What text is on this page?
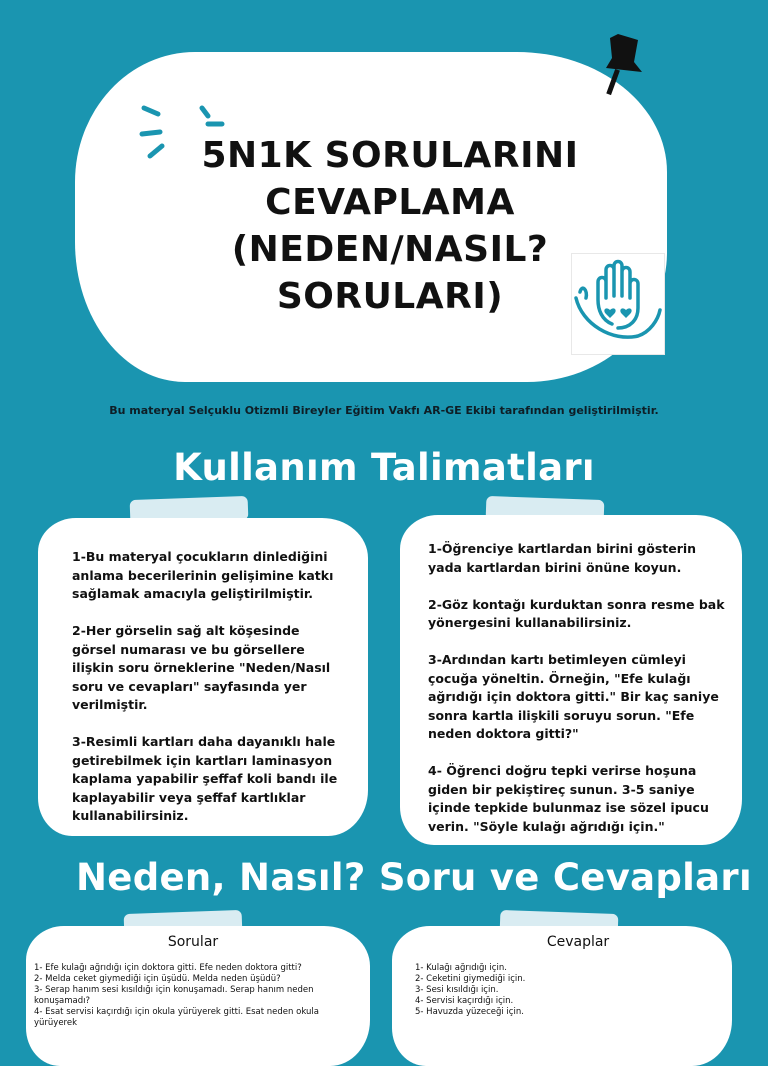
5N1K SORULARINI
CEVAPLAMA
(NEDEN/NASIL?
SORULARI)
Bu materyal Selçuklu Otizmli Bireyler Eğitim Vakfı AR-GE Ekibi tarafından geliştirilmiştir.
Kullanım Talimatları

1-Bu materyal çocukların dinlediğini anlama becerilerinin gelişimine katkı sağlamak amacıyla geliştirilmiştir.

2-Her görselin sağ alt köşesinde görsel numarası ve bu görsellere ilişkin soru örneklerine "Neden/Nasıl soru ve cevapları" sayfasında yer verilmiştir.

3-Resimli kartları daha dayanıklı hale getirebilmek için kartları laminasyon kaplama yapabilir şeffaf koli bandı ile kaplayabilir veya şeffaf kartlıklar kullanabilirsiniz.

1-Öğrenciye kartlardan birini gösterin yada kartlardan birini önüne koyun.

2-Göz kontağı kurduktan sonra resme bak yönergesini kullanabilirsiniz.

3-Ardından kartı betimleyen cümleyi çocuğa yöneltin. Örneğin, "Efe kulağı ağrıdığı için doktora gitti." Bir kaç saniye sonra kartla ilişkili soruyu sorun. "Efe neden doktora gitti?"

4- Öğrenci doğru tepki verirse hoşuna giden bir pekiştireç sunun. 3-5 saniye içinde tepkide bulunmaz ise sözel ipucu verin. "Söyle kulağı ağrıdığı için."

Neden, Nasıl? Soru ve Cevapları
Sorular
1- Efe kulağı ağrıdığı için doktora gitti. Efe neden doktora gitti?
2- Melda ceket giymediği için üşüdü. Melda neden üşüdü?
3- Serap hanım sesi kısıldığı için konuşamadı. Serap hanım neden konuşamadı?
4- Esat servisi kaçırdığı için okula yürüyerek gitti. Esat neden okula yürüyerek
Cevaplar
1- Kulağı ağrıdığı için.
2- Ceketini giymediği için.
3- Sesi kısıldığı için.
4- Servisi kaçırdığı için.
5- Havuzda yüzeceği için.
